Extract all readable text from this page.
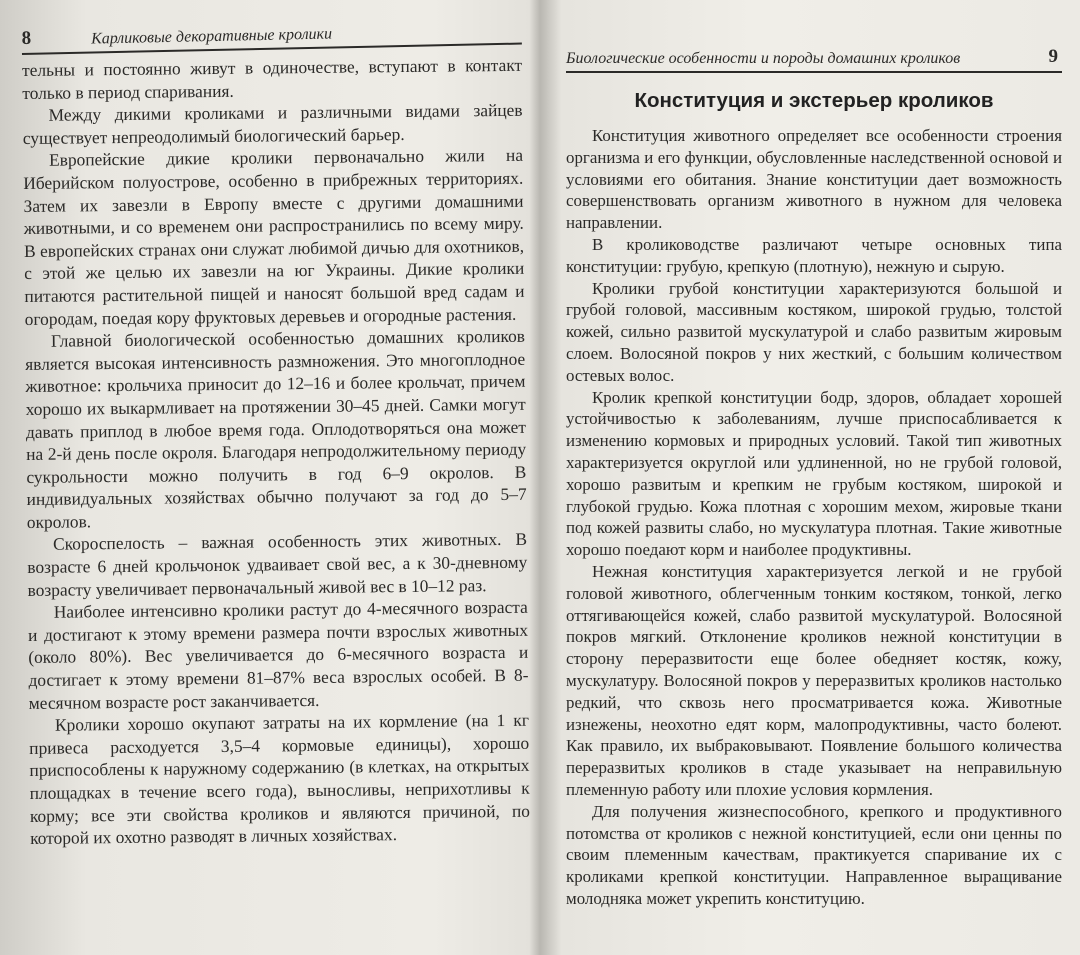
8	Карликовые декоративные кролики

тельны и постоянно живут в одиночестве, вступают в контакт только в период спаривания.

Между дикими кроликами и различными видами зайцев существует непреодолимый биологический барьер.

Европейские дикие кролики первоначально жили на Иберийском полуострове, особенно в прибрежных территориях. Затем их завезли в Европу вместе с другими домашними животными, и со временем они распространились по всему миру. В европейских странах они служат любимой дичью для охотников, с этой же целью их завезли на юг Украины. Дикие кролики питаются растительной пищей и наносят большой вред садам и огородам, поедая кору фруктовых деревьев и огородные растения.

Главной биологической особенностью домашних кроликов является высокая интенсивность размножения. Это многоплодное животное: крольчиха приносит до 12–16 и более крольчат, причем хорошо их выкармливает на протяжении 30–45 дней. Самки могут давать приплод в любое время года. Оплодотворяться она может на 2-й день после окроля. Благодаря непродолжительному периоду сукрольности можно получить в год 6–9 окролов. В индивидуальных хозяйствах обычно получают за год до 5–7 окролов.

Скороспелость – важная особенность этих животных. В возрасте 6 дней крольчонок удваивает свой вес, а к 30-дневному возрасту увеличивает первоначальный живой вес в 10–12 раз.

Наиболее интенсивно кролики растут до 4-месячного возраста и достигают к этому времени размера почти взрослых животных (около 80%). Вес увеличивается до 6-месячного возраста и достигает к этому времени 81–87% веса взрослых особей. В 8-месячном возрасте рост заканчивается.

Кролики хорошо окупают затраты на их кормление (на 1 кг привеса расходуется 3,5–4 кормовые единицы), хорошо приспособлены к наружному содержанию (в клетках, на открытых площадках в течение всего года), выносливы, неприхотливы к корму; все эти свойства кроликов и являются причиной, по которой их охотно разводят в личных хозяйствах.

Биологические особенности и породы домашних кроликов	9
Конституция и экстерьер кроликов

Конституция животного определяет все особенности строения организма и его функции, обусловленные наследственной основой и условиями его обитания. Знание конституции дает возможность совершенствовать организм животного в нужном для человека направлении.

В кролиководстве различают четыре основных типа конституции: грубую, крепкую (плотную), нежную и сырую.

Кролики грубой конституции характеризуются большой и грубой головой, массивным костяком, широкой грудью, толстой кожей, сильно развитой мускулатурой и слабо развитым жировым слоем. Волосяной покров у них жесткий, с большим количеством остевых волос.

Кролик крепкой конституции бодр, здоров, обладает хорошей устойчивостью к заболеваниям, лучше приспосабливается к изменению кормовых и природных условий. Такой тип животных характеризуется округлой или удлиненной, но не грубой головой, хорошо развитым и крепким не грубым костяком, широкой и глубокой грудью. Кожа плотная с хорошим мехом, жировые ткани под кожей развиты слабо, но мускулатура плотная. Такие животные хорошо поедают корм и наиболее продуктивны.

Нежная конституция характеризуется легкой и не грубой головой животного, облегченным тонким костяком, тонкой, легко оттягивающейся кожей, слабо развитой мускулатурой. Волосяной покров мягкий. Отклонение кроликов нежной конституции в сторону переразвитости еще более обедняет костяк, кожу, мускулатуру. Волосяной покров у переразвитых кроликов настолько редкий, что сквозь него просматривается кожа. Животные изнежены, неохотно едят корм, малопродуктивны, часто болеют. Как правило, их выбраковывают. Появление большого количества переразвитых кроликов в стаде указывает на неправильную племенную работу или плохие условия кормления.

Для получения жизнеспособного, крепкого и продуктивного потомства от кроликов с нежной конституцией, если они ценны по своим племенным качествам, практикуется спаривание их с кроликами крепкой конституции. Направленное выращивание молодняка может укрепить конституцию.
